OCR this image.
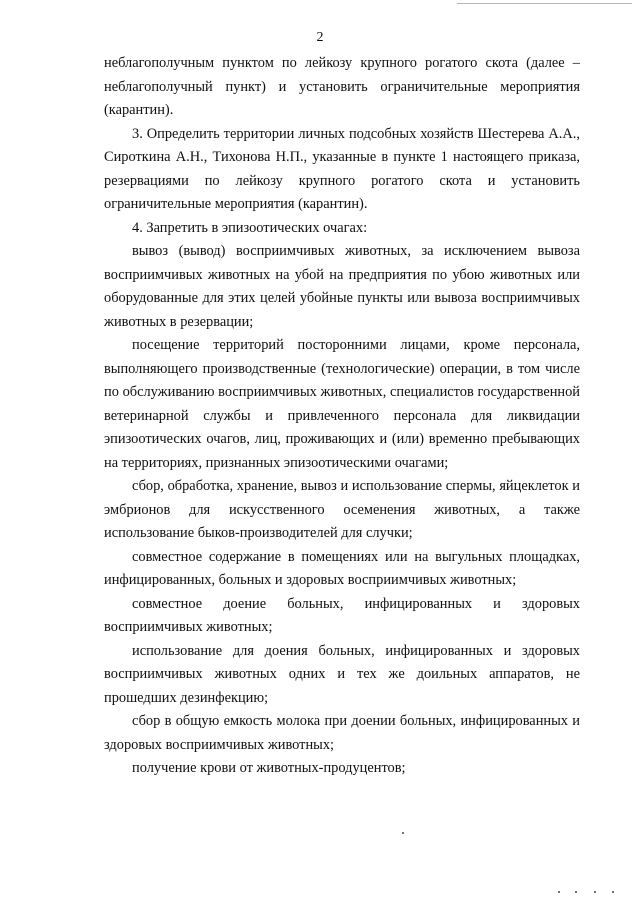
2

неблагополучным пунктом по лейкозу крупного рогатого скота (далее – неблагополучный пункт) и установить ограничительные мероприятия (карантин).

3. Определить территории личных подсобных хозяйств Шестерева А.А., Сироткина А.Н., Тихонова Н.П., указанные в пункте 1 настоящего приказа, резервациями по лейкозу крупного рогатого скота и установить ограничительные мероприятия (карантин).

4. Запретить в эпизоотических очагах:

вывоз (вывод) восприимчивых животных, за исключением вывоза восприимчивых животных на убой на предприятия по убою животных или оборудованные для этих целей убойные пункты или вывоза восприимчивых животных в резервации;

посещение территорий посторонними лицами, кроме персонала, выполняющего производственные (технологические) операции, в том числе по обслуживанию восприимчивых животных, специалистов государственной ветеринарной службы и привлеченного персонала для ликвидации эпизоотических очагов, лиц, проживающих и (или) временно пребывающих на территориях, признанных эпизоотическими очагами;

сбор, обработка, хранение, вывоз и использование спермы, яйцеклеток и эмбрионов для искусственного осеменения животных, а также использование быков-производителей для случки;

совместное содержание в помещениях или на выгульных площадках, инфицированных, больных и здоровых восприимчивых животных;

совместное доение больных, инфицированных и здоровых восприимчивых животных;

использование для доения больных, инфицированных и здоровых восприимчивых животных одних и тех же доильных аппаратов, не прошедших дезинфекцию;

сбор в общую емкость молока при доении больных, инфицированных и здоровых восприимчивых животных;

получение крови от животных-продуцентов;
